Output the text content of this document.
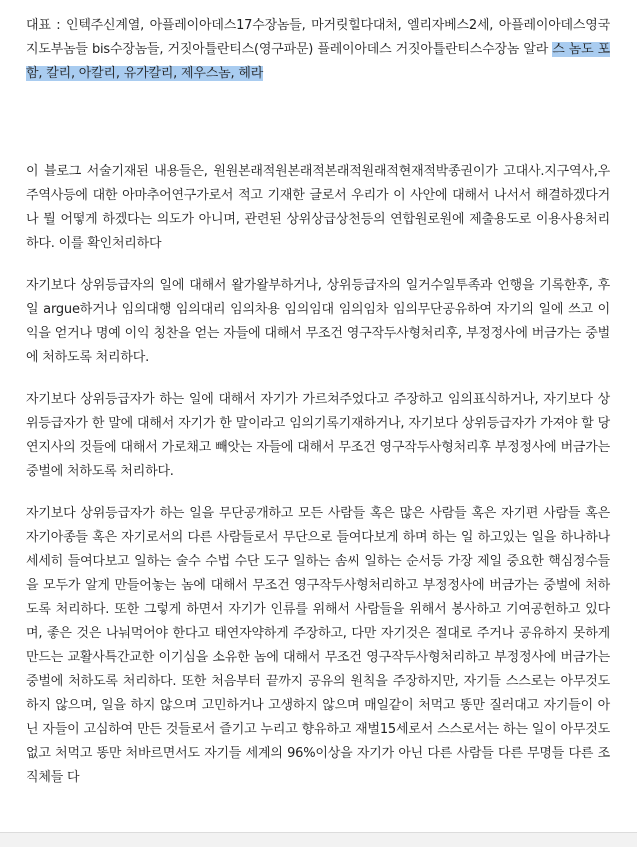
대표 : 인텍주신계열, 아플레이아데스17수장놈들, 마거릿힐다대처, 엘리자베스2세, 아플레이아데스영국지도부놈들 bis수장놈들, 거짓아틀란티스(영구파문) 플레이아데스 거짓아틀란티스수장놈 알라 스 놈도 포함, 칼리, 아칼리, 유가칼리, 제우스놈, 헤라

이 블로그 서술기재된 내용들은, 원원본래적원본래적본래적원래적현재적박종권이가 고대사.지구역사,우주역사등에 대한 아마추어연구가로서 적고 기재한 글로서 우리가 이 사안에 대해서 나서서 해결하겠다거나 뭘 어떻게 하겠다는 의도가 아니며, 관련된 상위상급상천등의 연합원로원에 제출용도로 이용사용처리하다. 이를 확인처리하다

자기보다 상위등급자의 일에 대해서 왈가왈부하거나, 상위등급자의 일거수일투족과 언행을 기록한후, 후일 argue하거나 임의대행 임의대리 임의차용 임의임대 임의임차 임의무단공유하여 자기의 일에 쓰고 이익을 얻거나 명예 이익 칭찬을 얻는 자들에 대해서 무조건 영구작두사형처리후, 부정정사에 버금가는 중벌에 처하도록 처리하다.

자기보다 상위등급자가 하는 일에 대해서 자기가 가르쳐주었다고 주장하고 임의표식하거나, 자기보다 상위등급자가 한 말에 대해서 자기가 한 말이라고 임의기록기재하거나, 자기보다 상위등급자가 가져야 할 당연지사의 것들에 대해서 가로채고 빼앗는 자들에 대해서 무조건 영구작두사형처리후 부정정사에 버금가는 중벌에 처하도록 처리하다.

자기보다 상위등급자가 하는 일을 무단공개하고 모든 사람들 혹은 많은 사람들 혹은 자기편 사람들 혹은 자기아종들 혹은 자기로서의 다른 사람들로서 무단으로 들여다보게 하며 하는 일 하고있는 일을 하나하나 세세히 들여다보고 일하는 술수 수법 수단 도구 일하는 솜씨 일하는 순서등 가장 제일 중요한 핵심정수들을 모두가 알게 만들어놓는 놈에 대해서 무조건 영구작두사형처리하고 부정정사에 버금가는 중벌에 처하도록 처리하다. 또한 그렇게 하면서 자기가 인류를 위해서 사람들을 위해서 봉사하고 기여공헌하고 있다며, 좋은 것은 나눠먹어야 한다고 태연자약하게 주장하고, 다만 자기것은 절대로 주거나 공유하지 못하게 만드는 교활사특간교한 이기심을 소유한 놈에 대해서 무조건 영구작두사형처리하고 부정정사에 버금가는 중벌에 처하도록 처리하다. 또한 처음부터 끝까지 공유의 원칙을 주장하지만, 자기들 스스로는 아무것도 하지 않으며, 일을 하지 않으며 고민하거나 고생하지 않으며 매일같이 처먹고 똥만 질러대고 자기들이 아닌 자들이 고심하여 만든 것들로서 즐기고 누리고 향유하고 재벌15세로서 스스로서는 하는 일이 아무것도 없고 처먹고 똥만 처바르면서도 자기들 세계의 96%이상을 자기가 아닌 다른 사람들 다른 무명들 다른 조직체들 다
